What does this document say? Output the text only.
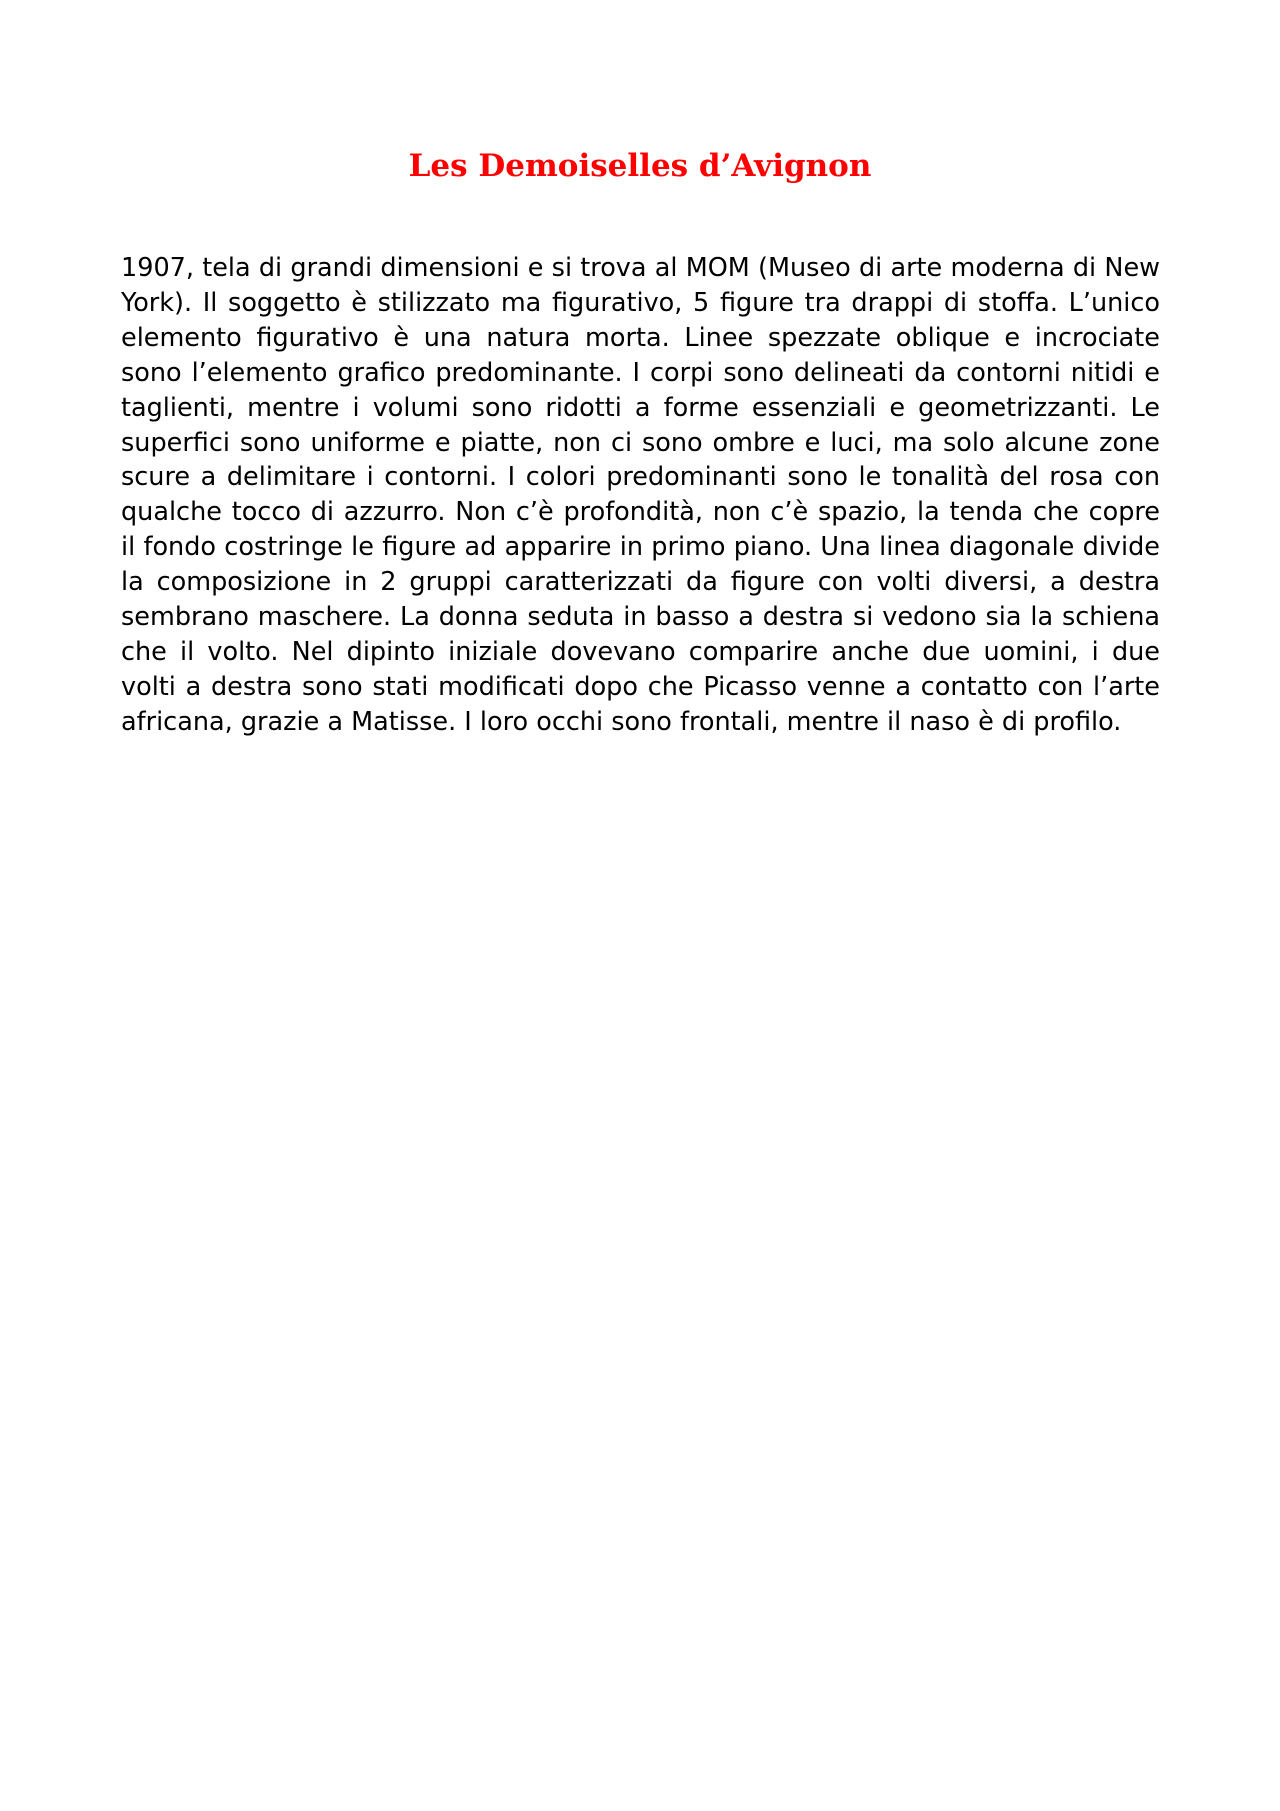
Les Demoiselles d’Avignon

1907, tela di grandi dimensioni e si trova al MOM (Museo di arte moderna di New York). Il soggetto è stilizzato ma figurativo, 5 figure tra drappi di stoffa. L’unico elemento figurativo è una natura morta. Linee spezzate oblique e incrociate sono l’elemento grafico predominante. I corpi sono delineati da contorni nitidi e taglienti, mentre i volumi sono ridotti a forme essenziali e geometrizzanti. Le superfici sono uniforme e piatte, non ci sono ombre e luci, ma solo alcune zone scure a delimitare i contorni. I colori predominanti sono le tonalità del rosa con qualche tocco di azzurro. Non c’è profondità, non c’è spazio, la tenda che copre il fondo costringe le figure ad apparire in primo piano. Una linea diagonale divide la composizione in 2 gruppi caratterizzati da figure con volti diversi, a destra sembrano maschere. La donna seduta in basso a destra si vedono sia la schiena che il volto. Nel dipinto iniziale dovevano comparire anche due uomini, i due volti a destra sono stati modificati dopo che Picasso venne a contatto con l’arte africana, grazie a Matisse. I loro occhi sono frontali, mentre il naso è di profilo.
